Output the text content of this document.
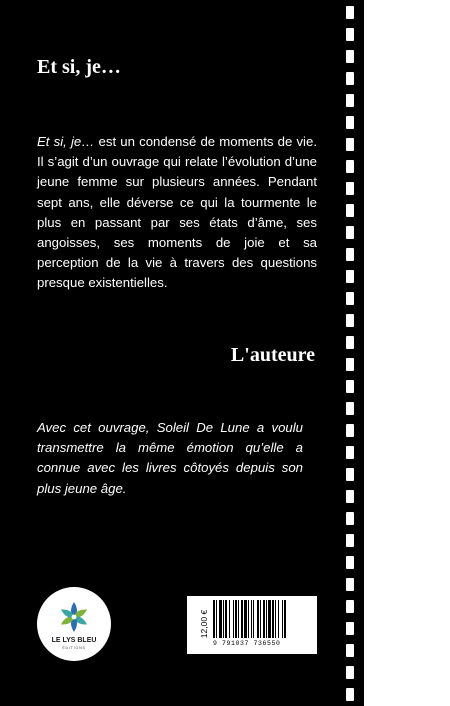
Et si, je…

Et si, je… est un condensé de moments de vie. Il s’agit d’un ouvrage qui relate l’évolution d’une jeune femme sur plusieurs années. Pendant sept ans, elle déverse ce qui la tourmente le plus en passant par ses états d’âme, ses angoisses, ses moments de joie et sa perception de la vie à travers des questions presque existentielles.

L'auteure

Avec cet ouvrage, Soleil De Lune a voulu transmettre la même émotion qu’elle a connue avec les livres côtoyés depuis son plus jeune âge.

LE LYS BLEU
ÉDITIONS
2825
12,00 €
9 791037 736550
